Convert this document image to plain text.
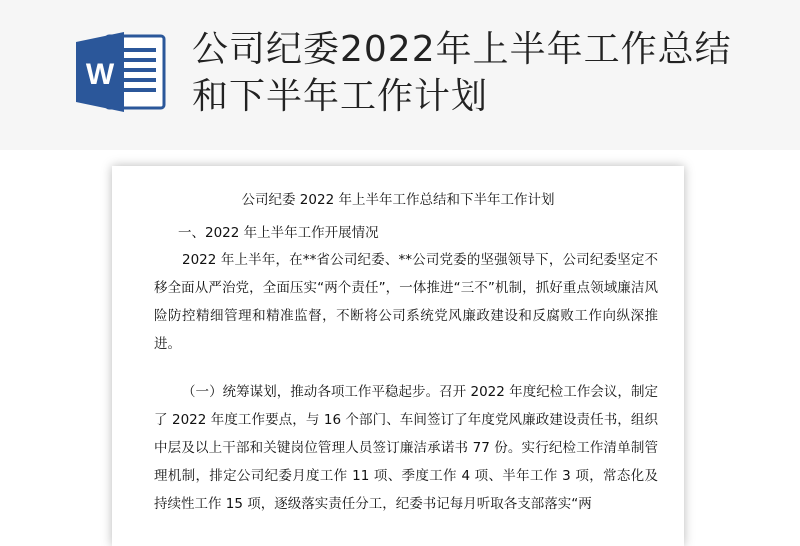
W
公司纪委2022年上半年工作总结和下半年工作计划

公司纪委 2022 年上半年工作总结和下半年工作计划

一、2022 年上半年工作开展情况

2022 年上半年，在**省公司纪委、**公司党委的坚强领导下，公司纪委坚定不移全面从严治党，全面压实“两个责任”，一体推进“三不”机制，抓好重点领域廉洁风险防控精细管理和精准监督，不断将公司系统党风廉政建设和反腐败工作向纵深推进。

（一）统筹谋划，推动各项工作平稳起步。召开 2022 年度纪检工作会议，制定了 2022 年度工作要点，与 16 个部门、车间签订了年度党风廉政建设责任书，组织中层及以上干部和关键岗位管理人员签订廉洁承诺书 77 份。实行纪检工作清单制管理机制，排定公司纪委月度工作 11 项、季度工作 4 项、半年工作 3 项，常态化及持续性工作 15 项，逐级落实责任分工，纪委书记每月听取各支部落实“两
